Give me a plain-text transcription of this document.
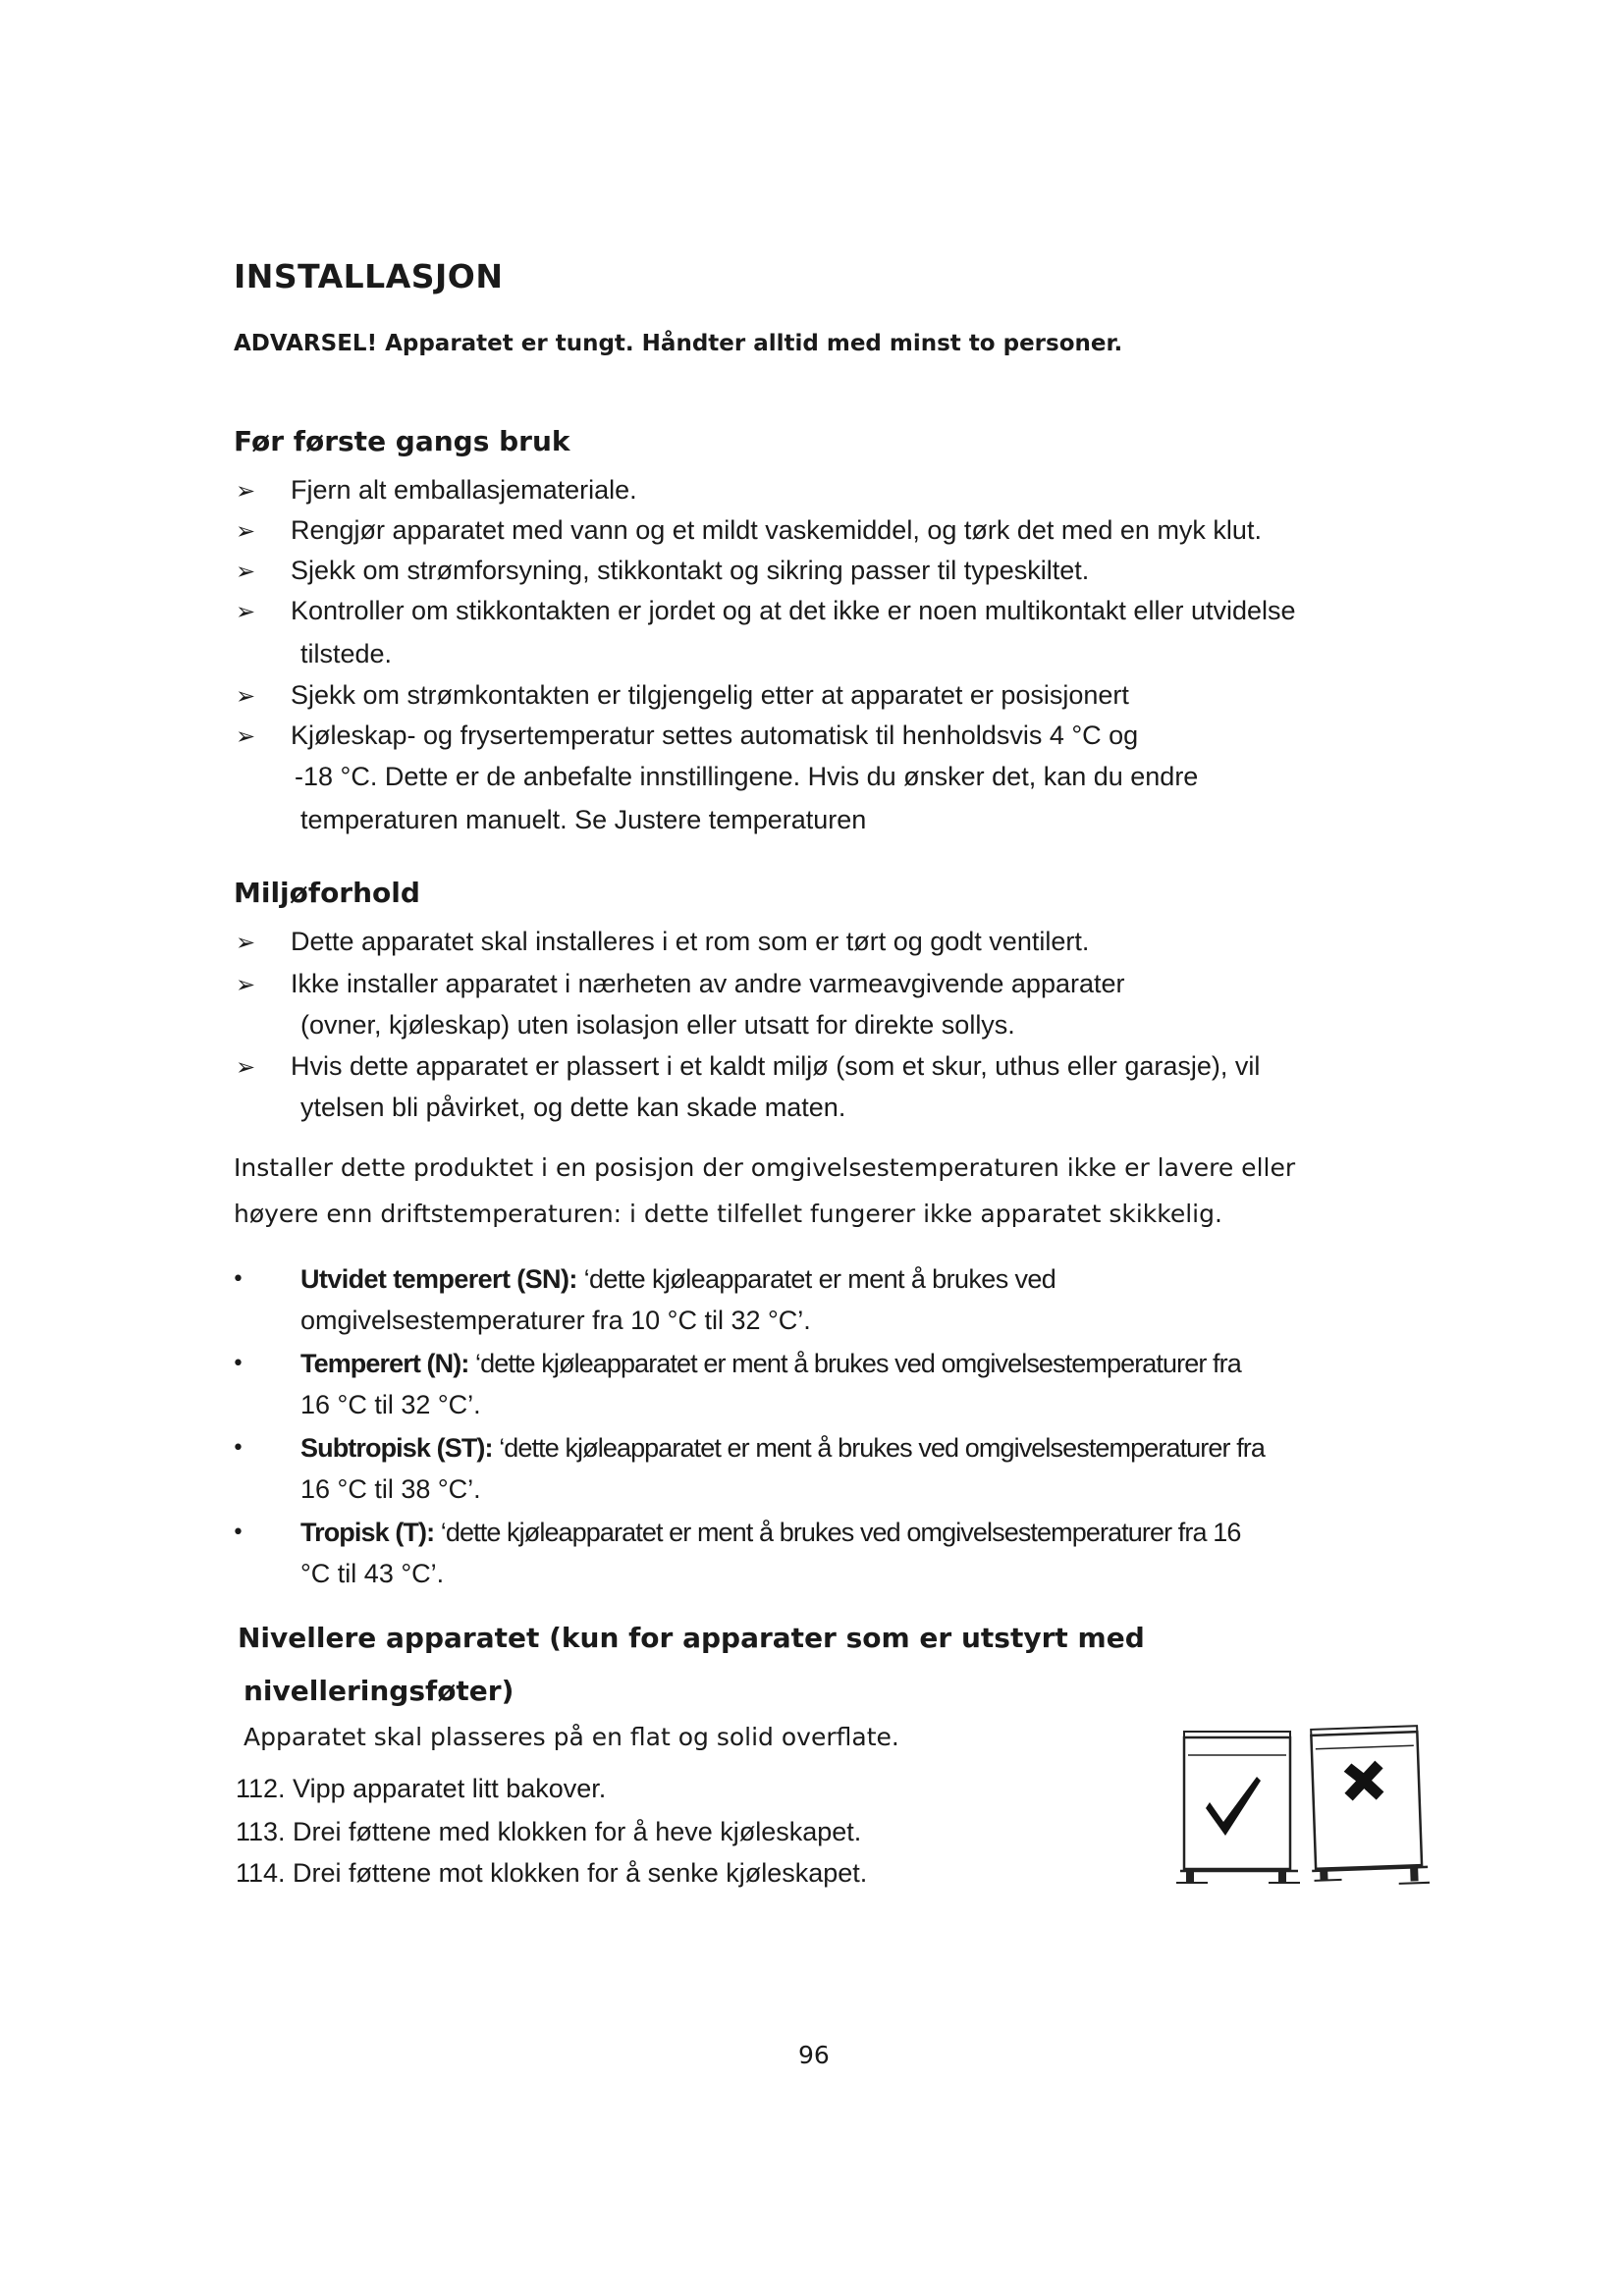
INSTALLASJON
ADVARSEL! Apparatet er tungt. Håndter alltid med minst to personer.
Før første gangs bruk
➢ Fjern alt emballasjemateriale.
➢ Rengjør apparatet med vann og et mildt vaskemiddel, og tørk det med en myk klut.
➢ Sjekk om strømforsyning, stikkontakt og sikring passer til typeskiltet.
➢ Kontroller om stikkontakten er jordet og at det ikke er noen multikontakt eller utvidelse
tilstede.
➢ Sjekk om strømkontakten er tilgjengelig etter at apparatet er posisjonert
➢ Kjøleskap- og frysertemperatur settes automatisk til henholdsvis 4 °C og
-18 °C. Dette er de anbefalte innstillingene. Hvis du ønsker det, kan du endre
temperaturen manuelt. Se Justere temperaturen
Miljøforhold
➢ Dette apparatet skal installeres i et rom som er tørt og godt ventilert.
➢ Ikke installer apparatet i nærheten av andre varmeavgivende apparater
(ovner, kjøleskap) uten isolasjon eller utsatt for direkte sollys.
➢ Hvis dette apparatet er plassert i et kaldt miljø (som et skur, uthus eller garasje), vil
ytelsen bli påvirket, og dette kan skade maten.
Installer dette produktet i en posisjon der omgivelsestemperaturen ikke er lavere eller
høyere enn driftstemperaturen: i dette tilfellet fungerer ikke apparatet skikkelig.
• Utvidet temperert (SN): ‘dette kjøleapparatet er ment å brukes ved
omgivelsestemperaturer fra 10 °C til 32 °C’.
• Temperert (N): ‘dette kjøleapparatet er ment å brukes ved omgivelsestemperaturer fra
16 °C til 32 °C’.
• Subtropisk (ST): ‘dette kjøleapparatet er ment å brukes ved omgivelsestemperaturer fra
16 °C til 38 °C’.
• Tropisk (T): ‘dette kjøleapparatet er ment å brukes ved omgivelsestemperaturer fra 16
°C til 43 °C’.
Nivellere apparatet (kun for apparater som er utstyrt med
nivelleringsføter)
Apparatet skal plasseres på en flat og solid overflate.
112. Vipp apparatet litt bakover.
113. Drei føttene med klokken for å heve kjøleskapet.
114. Drei føttene mot klokken for å senke kjøleskapet.
96
